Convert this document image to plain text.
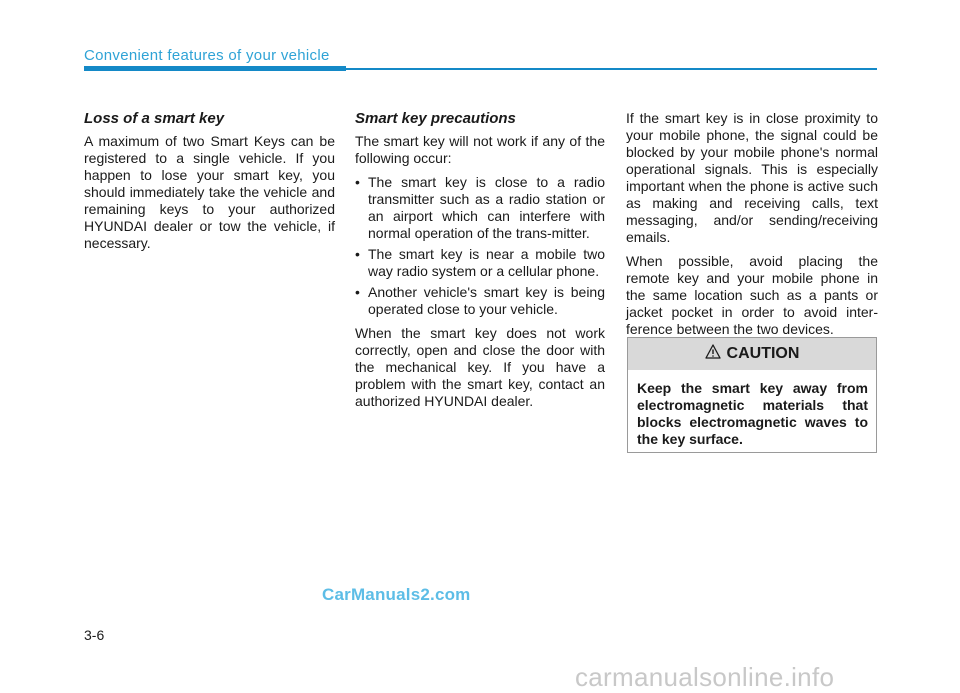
Convenient features of your vehicle
Loss of a smart key

A maximum of two Smart Keys can be registered to a single vehicle. If you happen to lose your smart key, you should immediately take the vehicle and remaining keys to your authorized HYUNDAI dealer or tow the vehicle, if necessary.

Smart key precautions

The smart key will not work if any of the following occur:

• The smart key is close to a radio transmitter such as a radio station or an airport which can interfere with normal operation of the trans-mitter.
• The smart key is near a mobile two way radio system or a cellular phone.
• Another vehicle's smart key is being operated close to your vehicle.

When the smart key does not work correctly, open and close the door with the mechanical key. If you have a problem with the smart key, contact an authorized HYUNDAI dealer.

If the smart key is in close proximity to your mobile phone, the signal could be blocked by your mobile phone's normal operational signals. This is especially important when the phone is active such as making and receiving calls, text messaging, and/or sending/receiving emails.

When possible, avoid placing the remote key and your mobile phone in the same location such as a pants or jacket pocket in order to avoid inter-ference between the two devices.

CAUTION
Keep the smart key away from electromagnetic materials that blocks electromagnetic waves to the key surface.
CarManuals2.com
3-6
carmanualsonline.info
